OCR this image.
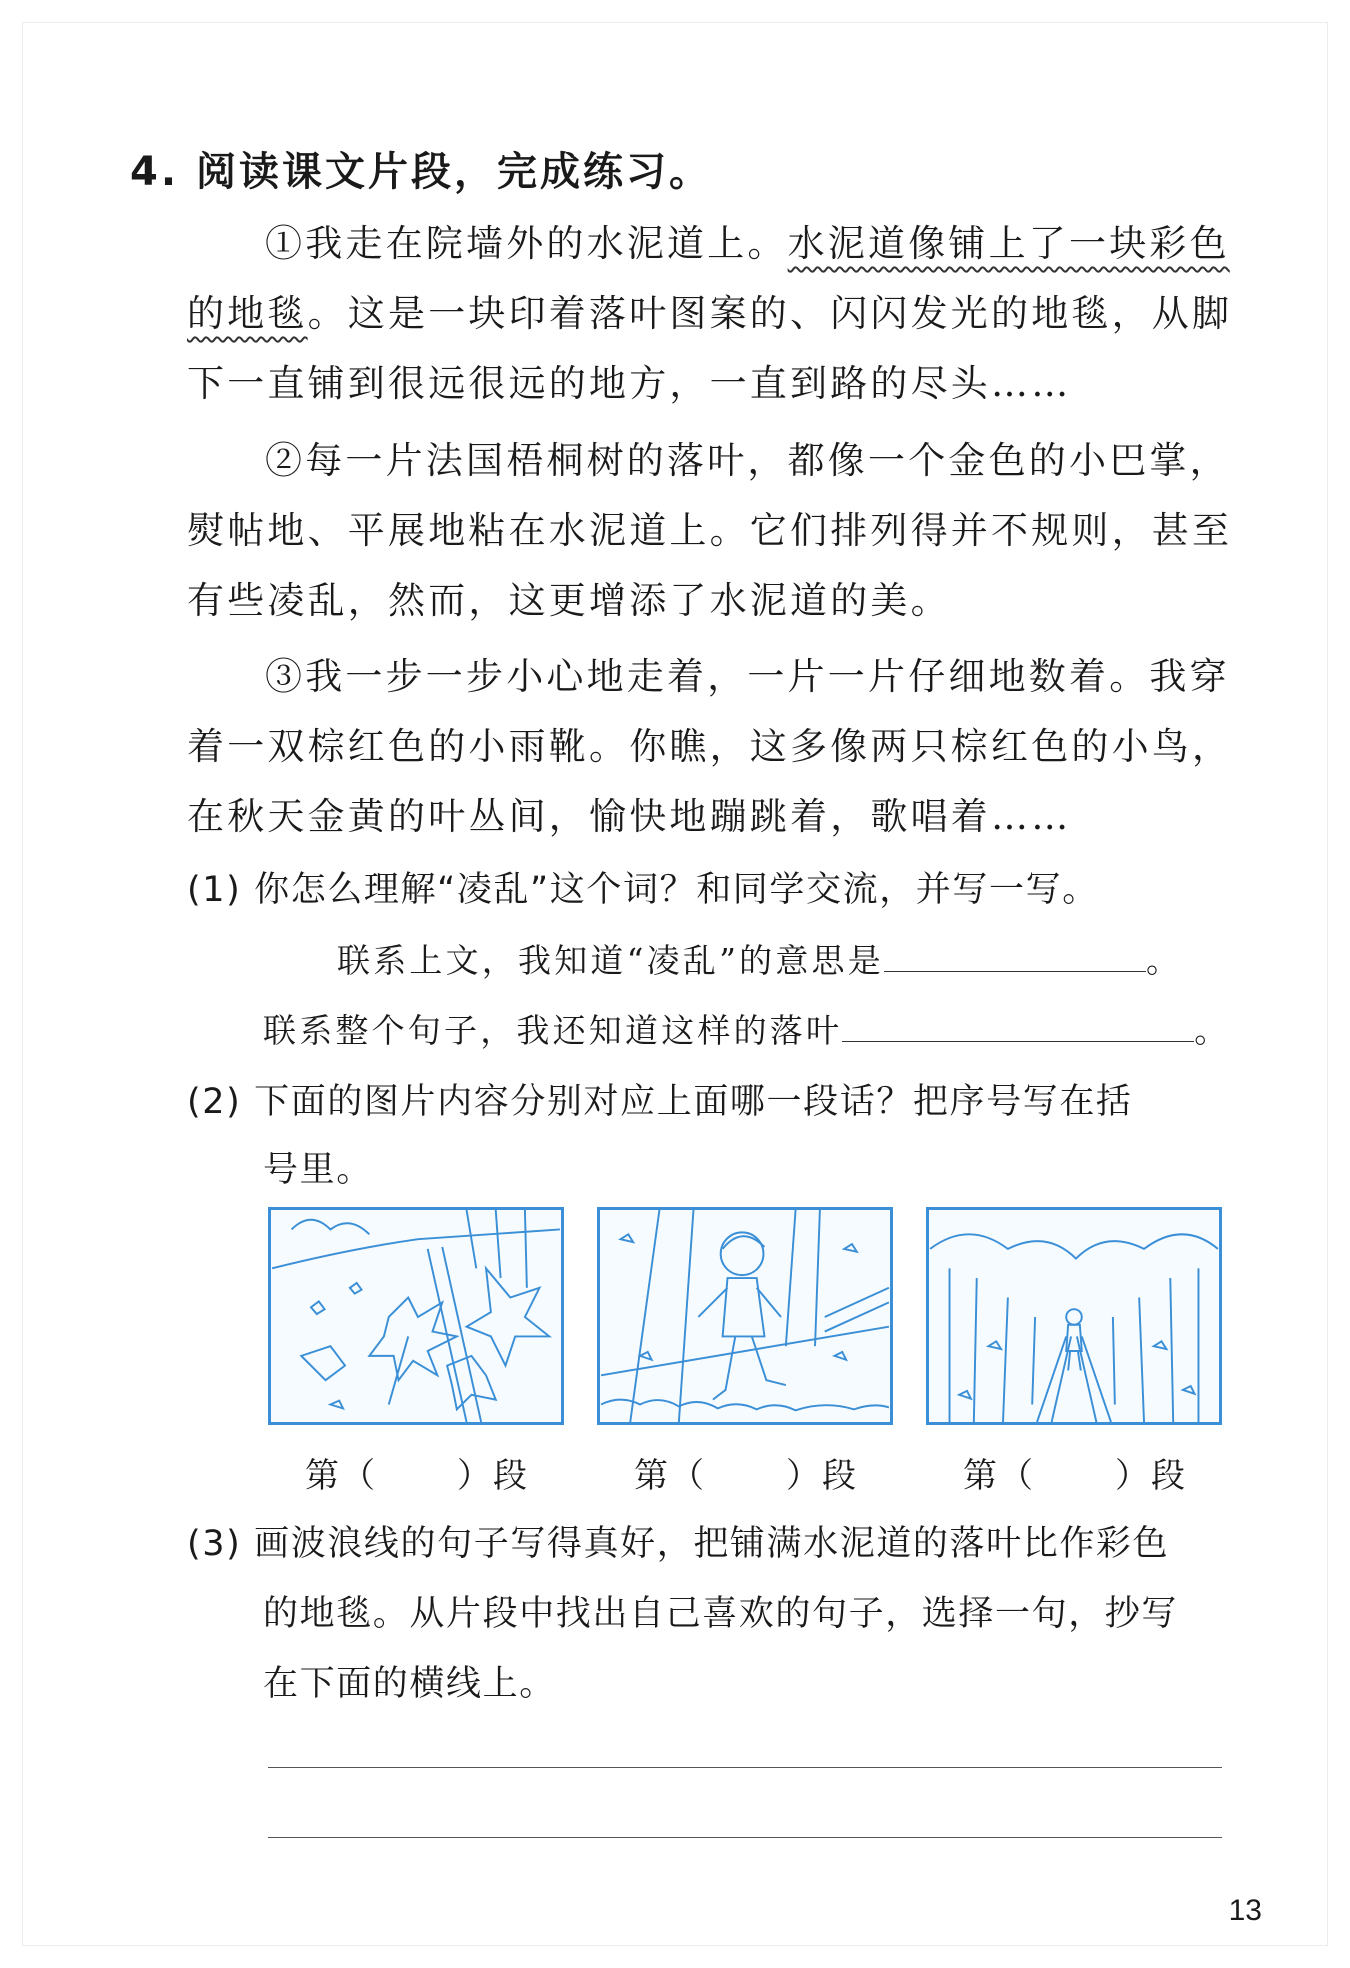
4. 阅读课文片段，完成练习。
①我走在院墙外的水泥道上。水泥道像铺上了一块彩色
的地毯。这是一块印着落叶图案的、闪闪发光的地毯，从脚
下一直铺到很远很远的地方，一直到路的尽头……
②每一片法国梧桐树的落叶，都像一个金色的小巴掌，
熨帖地、平展地粘在水泥道上。它们排列得并不规则，甚至
有些凌乱，然而，这更增添了水泥道的美。
③我一步一步小心地走着，一片一片仔细地数着。我穿
着一双棕红色的小雨靴。你瞧，这多像两只棕红色的小鸟，
在秋天金黄的叶丛间，愉快地蹦跳着，歌唱着……
(1) 你怎么理解“凌乱”这个词？和同学交流，并写一写。
联系上文，我知道“凌乱”的意思是	。
联系整个句子，我还知道这样的落叶	。
(2) 下面的图片内容分别对应上面哪一段话？把序号写在括
号里。
第（ ）段	第（ ）段	第（ ）段
(3) 画波浪线的句子写得真好，把铺满水泥道的落叶比作彩色
的地毯。从片段中找出自己喜欢的句子，选择一句，抄写
在下面的横线上。
13
